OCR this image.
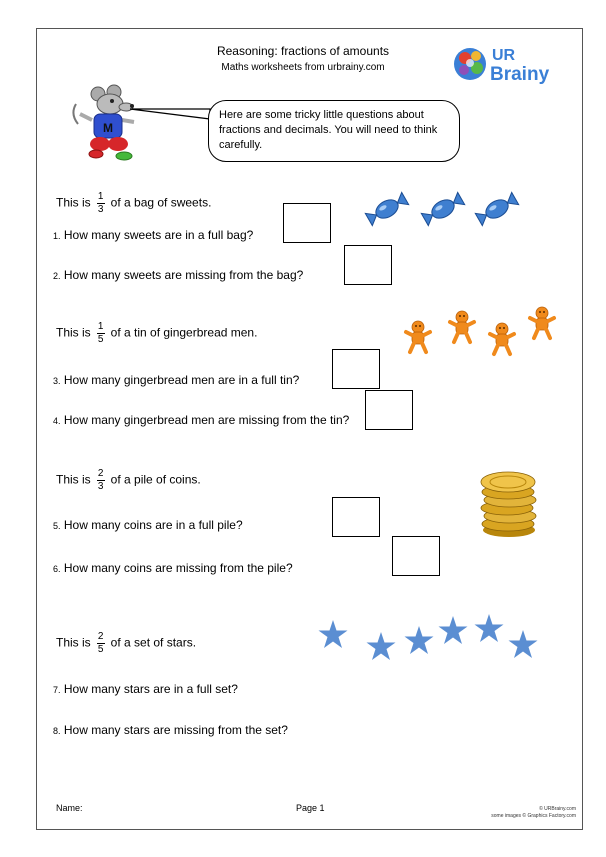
Reasoning: fractions of amounts
Maths worksheets from urbrainy.com
UR
Brainy
M
Here are some tricky little questions about fractions and decimals. You will need to think carefully.
This is $\frac{1}{3}$ of a bag of sweets.
1. How many sweets are in a full bag?
2. How many sweets are missing from the bag?
This is $\frac{1}{5}$ of a tin of gingerbread men.
3. How many gingerbread men are in a full tin?
4. How many gingerbread men are missing from the tin?
This is $\frac{2}{3}$ of a pile of coins.
5. How many coins are in a full pile?
6. How many coins are missing from the pile?
This is $\frac{2}{5}$ of a set of stars.
7. How many stars are in a full set?
8. How many stars are missing from the set?
Name:	Page 1	© URBrainy.com
some images © Graphics Factory.com
